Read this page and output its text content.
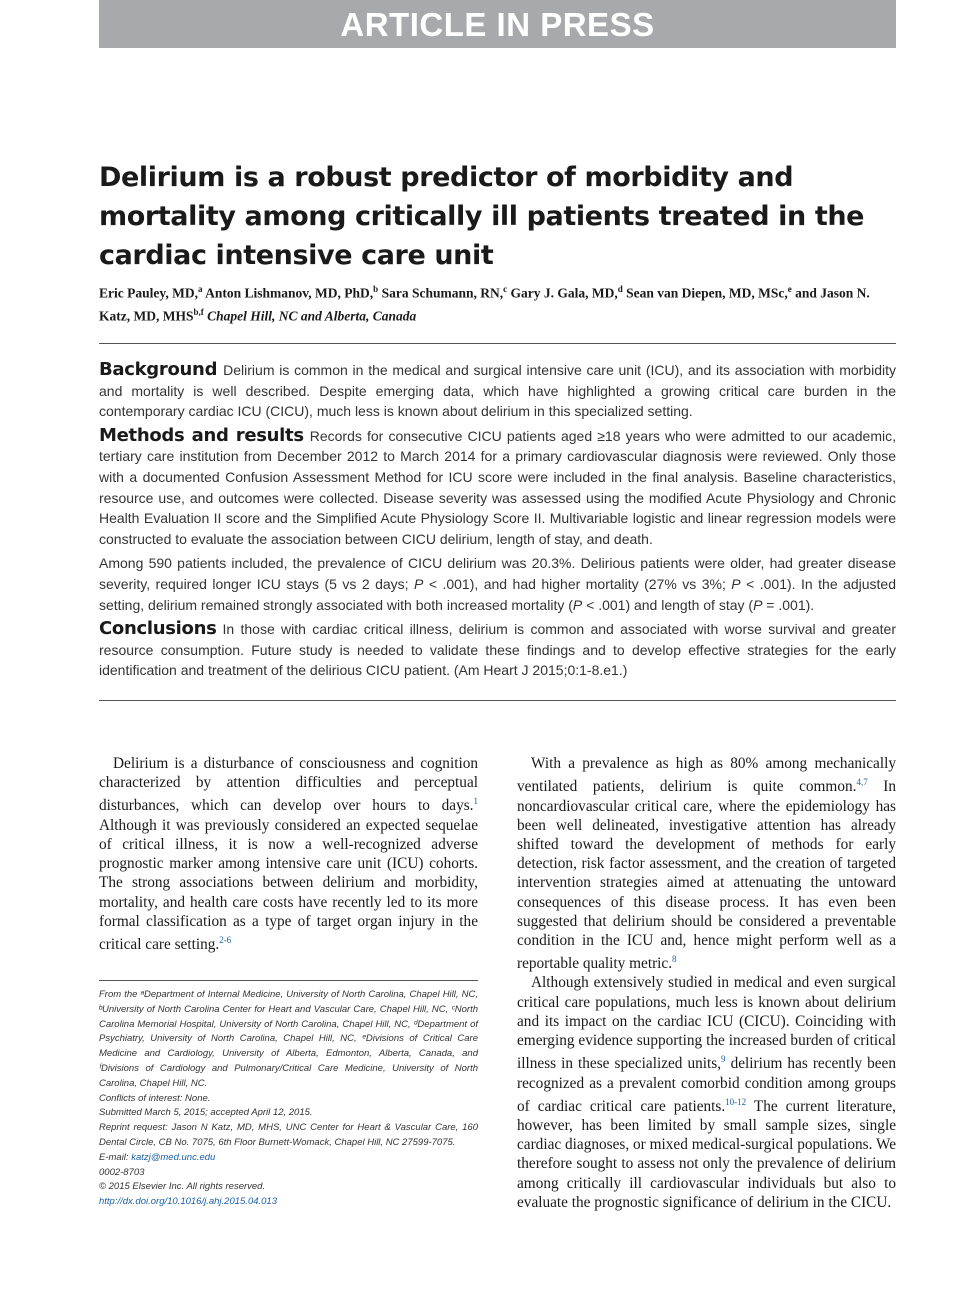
ARTICLE IN PRESS
Delirium is a robust predictor of morbidity and mortality among critically ill patients treated in the cardiac intensive care unit
Eric Pauley, MD,$^a$ Anton Lishmanov, MD, PhD,$^b$ Sara Schumann, RN,$^c$ Gary J. Gala, MD,$^d$ Sean van Diepen, MD, MSc,$^e$ and Jason N. Katz, MD, MHS$^{b,f}$ Chapel Hill, NC and Alberta, Canada

Background Delirium is common in the medical and surgical intensive care unit (ICU), and its association with morbidity and mortality is well described. Despite emerging data, which have highlighted a growing critical care burden in the contemporary cardiac ICU (CICU), much less is known about delirium in this specialized setting.

Methods and results Records for consecutive CICU patients aged ≥18 years who were admitted to our academic, tertiary care institution from December 2012 to March 2014 for a primary cardiovascular diagnosis were reviewed. Only those with a documented Confusion Assessment Method for ICU score were included in the final analysis. Baseline characteristics, resource use, and outcomes were collected. Disease severity was assessed using the modified Acute Physiology and Chronic Health Evaluation II score and the Simplified Acute Physiology Score II. Multivariable logistic and linear regression models were constructed to evaluate the association between CICU delirium, length of stay, and death.

Among 590 patients included, the prevalence of CICU delirium was 20.3%. Delirious patients were older, had greater disease severity, required longer ICU stays (5 vs 2 days; P < .001), and had higher mortality (27% vs 3%; P < .001). In the adjusted setting, delirium remained strongly associated with both increased mortality (P < .001) and length of stay (P = .001).

Conclusions In those with cardiac critical illness, delirium is common and associated with worse survival and greater resource consumption. Future study is needed to validate these findings and to develop effective strategies for the early identification and treatment of the delirious CICU patient. (Am Heart J 2015;0:1-8.e1.)

Delirium is a disturbance of consciousness and cognition characterized by attention difficulties and perceptual disturbances, which can develop over hours to days.$^1$ Although it was previously considered an expected sequelae of critical illness, it is now a well-recognized adverse prognostic marker among intensive care unit (ICU) cohorts. The strong associations between delirium and morbidity, mortality, and health care costs have recently led to its more formal classification as a type of target organ injury in the critical care setting.$^{2-6}$

From the ᵃDepartment of Internal Medicine, University of North Carolina, Chapel Hill, NC, ᵇUniversity of North Carolina Center for Heart and Vascular Care, Chapel Hill, NC, ᶜNorth Carolina Memorial Hospital, University of North Carolina, Chapel Hill, NC, ᵈDepartment of Psychiatry, University of North Carolina, Chapel Hill, NC, ᵉDivisions of Critical Care Medicine and Cardiology, University of Alberta, Edmonton, Alberta, Canada, and ᶠDivisions of Cardiology and Pulmonary/Critical Care Medicine, University of North Carolina, Chapel Hill, NC.
Conflicts of interest: None.
Submitted March 5, 2015; accepted April 12, 2015.
Reprint request: Jason N Katz, MD, MHS, UNC Center for Heart & Vascular Care, 160 Dental Circle, CB No. 7075, 6th Floor Burnett-Womack, Chapel Hill, NC 27599-7075.
E-mail: katzj@med.unc.edu
0002-8703
© 2015 Elsevier Inc. All rights reserved.
http://dx.doi.org/10.1016/j.ahj.2015.04.013

With a prevalence as high as 80% among mechanically ventilated patients, delirium is quite common.$^{4,7}$ In noncardiovascular critical care, where the epidemiology has been well delineated, investigative attention has already shifted toward the development of methods for early detection, risk factor assessment, and the creation of targeted intervention strategies aimed at attenuating the untoward consequences of this disease process. It has even been suggested that delirium should be considered a preventable condition in the ICU and, hence might perform well as a reportable quality metric.$^8$

Although extensively studied in medical and even surgical critical care populations, much less is known about delirium and its impact on the cardiac ICU (CICU). Coinciding with emerging evidence supporting the increased burden of critical illness in these specialized units,$^9$ delirium has recently been recognized as a prevalent comorbid condition among groups of cardiac critical care patients.$^{10-12}$ The current literature, however, has been limited by small sample sizes, single cardiac diagnoses, or mixed medical-surgical populations. We therefore sought to assess not only the prevalence of delirium among critically ill cardiovascular individuals but also to evaluate the prognostic significance of delirium in the CICU.
